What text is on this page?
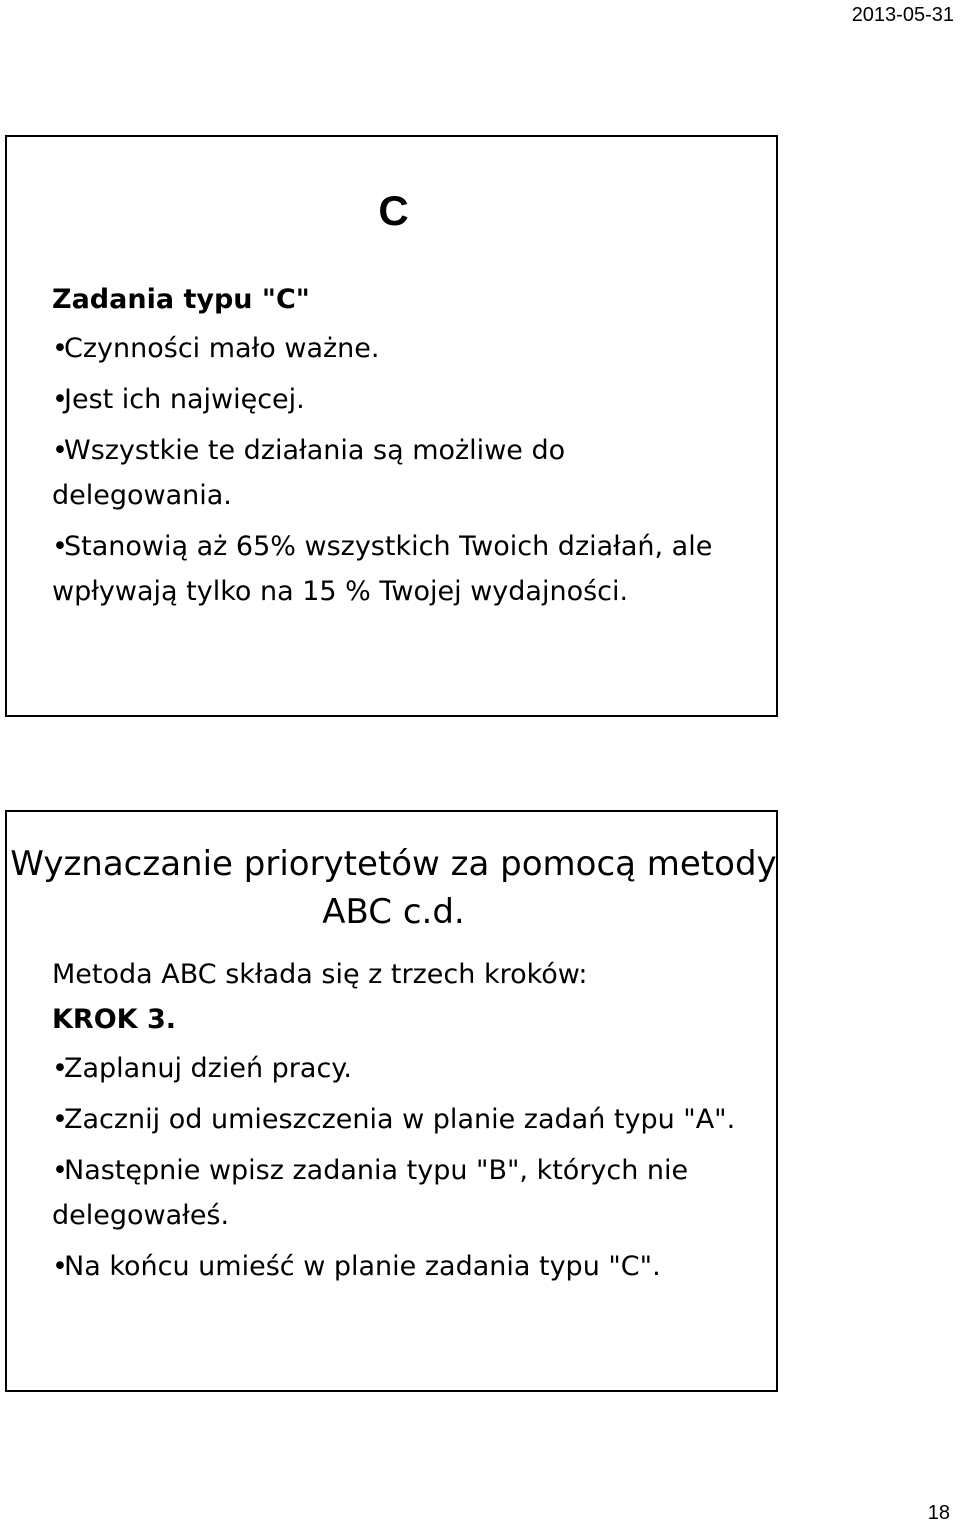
2013-05-31
C
Zadania typu "C"
•Czynności mało ważne.
•Jest ich najwięcej.
•Wszystkie te działania są możliwe do delegowania.
•Stanowią aż 65% wszystkich Twoich działań, ale wpływają tylko na 15 % Twojej wydajności.
Wyznaczanie priorytetów za pomocą metody ABC c.d.
Metoda ABC składa się z trzech kroków:
KROK 3.
•Zaplanuj dzień pracy.
•Zacznij od umieszczenia w planie zadań typu "A".
•Następnie wpisz zadania typu "B", których nie delegowałeś.
•Na końcu umieść w planie zadania typu "C".
18
